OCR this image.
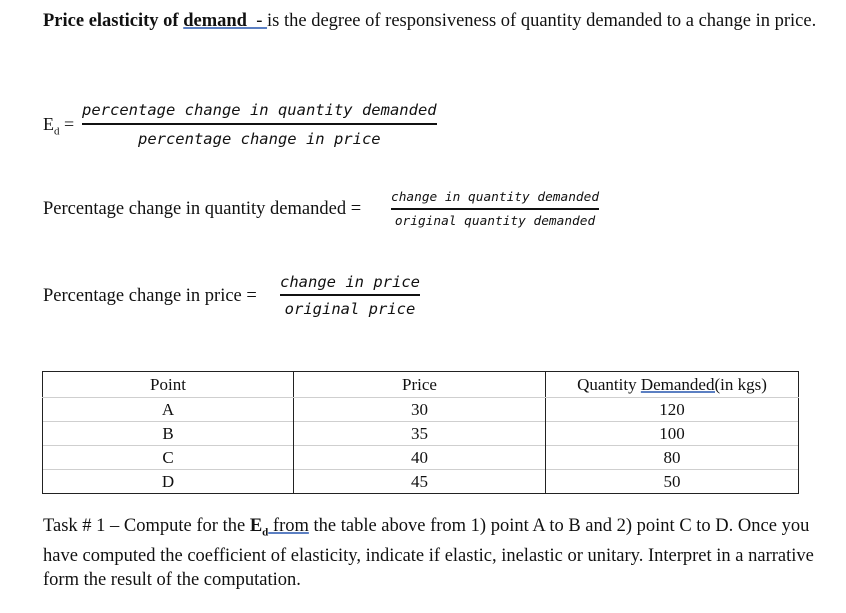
Price elasticity of demand  - is the degree of responsiveness of quantity demanded to a change in price.
$E_d$ =
percentage change in quantity demanded
percentage change in price
Percentage change in quantity demanded =
change in quantity demanded
original quantity demanded
Percentage change in price =
change in price
original price
Point	Price	Quantity Demanded(in kgs)
A	30	120
B	35	100
C	40	80
D	45	50
Task # 1 – Compute for the $E_d$ from the table above from 1) point A to B and 2) point C to D. Once you have computed the coefficient of elasticity, indicate if elastic, inelastic or unitary. Interpret in a narrative form the result of the computation.
